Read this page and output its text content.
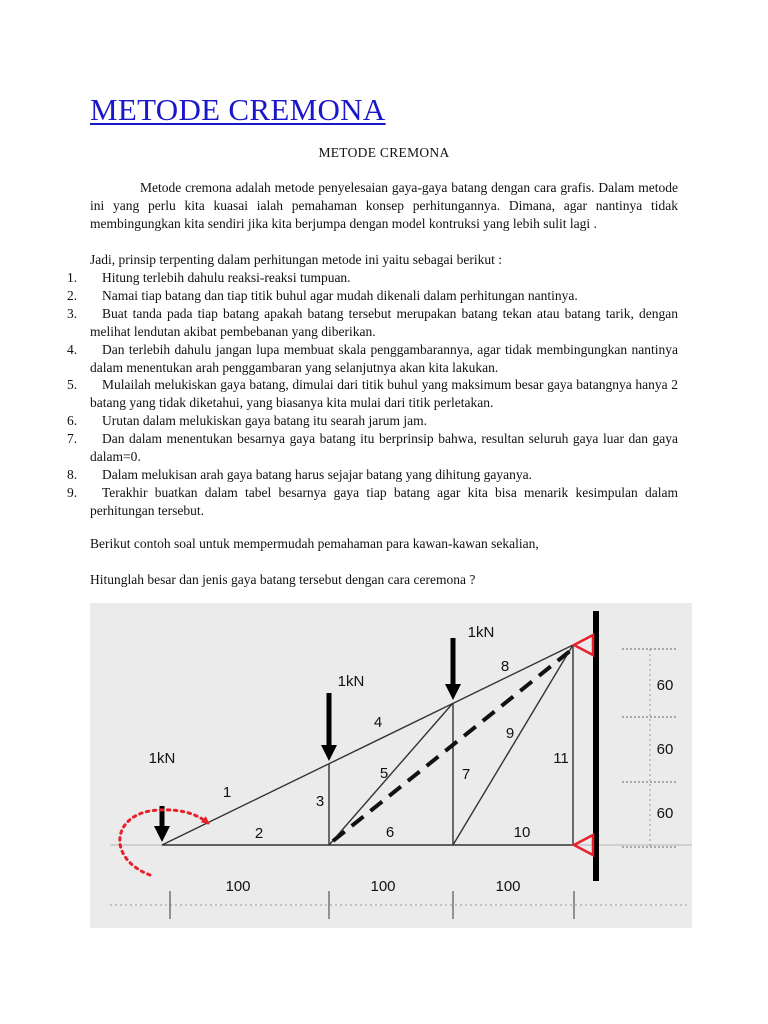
METODE CREMONA
METODE CREMONA
Metode cremona adalah metode penyelesaian gaya-gaya batang dengan cara grafis. Dalam metode ini yang perlu kita kuasai ialah pemahaman konsep perhitungannya. Dimana, agar nantinya tidak membingungkan kita sendiri jika kita berjumpa dengan model kontruksi yang lebih sulit lagi .
Jadi, prinsip terpenting dalam perhitungan metode ini yaitu sebagai berikut :
1.	Hitung terlebih dahulu reaksi-reaksi tumpuan.
2.	Namai tiap batang dan tiap titik buhul agar mudah dikenali dalam perhitungan nantinya.
3.	Buat tanda pada tiap batang apakah batang tersebut merupakan batang tekan atau batang tarik, dengan melihat lendutan akibat pembebanan yang diberikan.
4.	Dan terlebih dahulu jangan lupa membuat skala penggambarannya, agar tidak membingungkan nantinya dalam menentukan arah penggambaran yang selanjutnya akan kita lakukan.
5.	Mulailah melukiskan gaya batang, dimulai dari titik buhul yang maksimum besar gaya batangnya hanya 2 batang yang tidak diketahui, yang biasanya kita mulai dari titik perletakan.
6.	Urutan dalam melukiskan gaya batang itu searah jarum jam.
7.	Dan dalam menentukan besarnya gaya batang itu berprinsip bahwa, resultan seluruh gaya luar dan gaya dalam=0.
8.	Dalam melukisan arah gaya batang harus sejajar batang yang dihitung gayanya.
9.	Terakhir buatkan dalam tabel besarnya gaya tiap batang agar kita bisa menarik kesimpulan dalam perhitungan tersebut.
Berikut contoh soal untuk mempermudah pemahaman para kawan-kawan sekalian,
Hitunglah besar dan jenis gaya batang tersebut dengan cara ceremona ?
1kN
1kN
1kN
1
2
3
4
5
6
7
8
9
10
11
100	100	100
60
60
60
